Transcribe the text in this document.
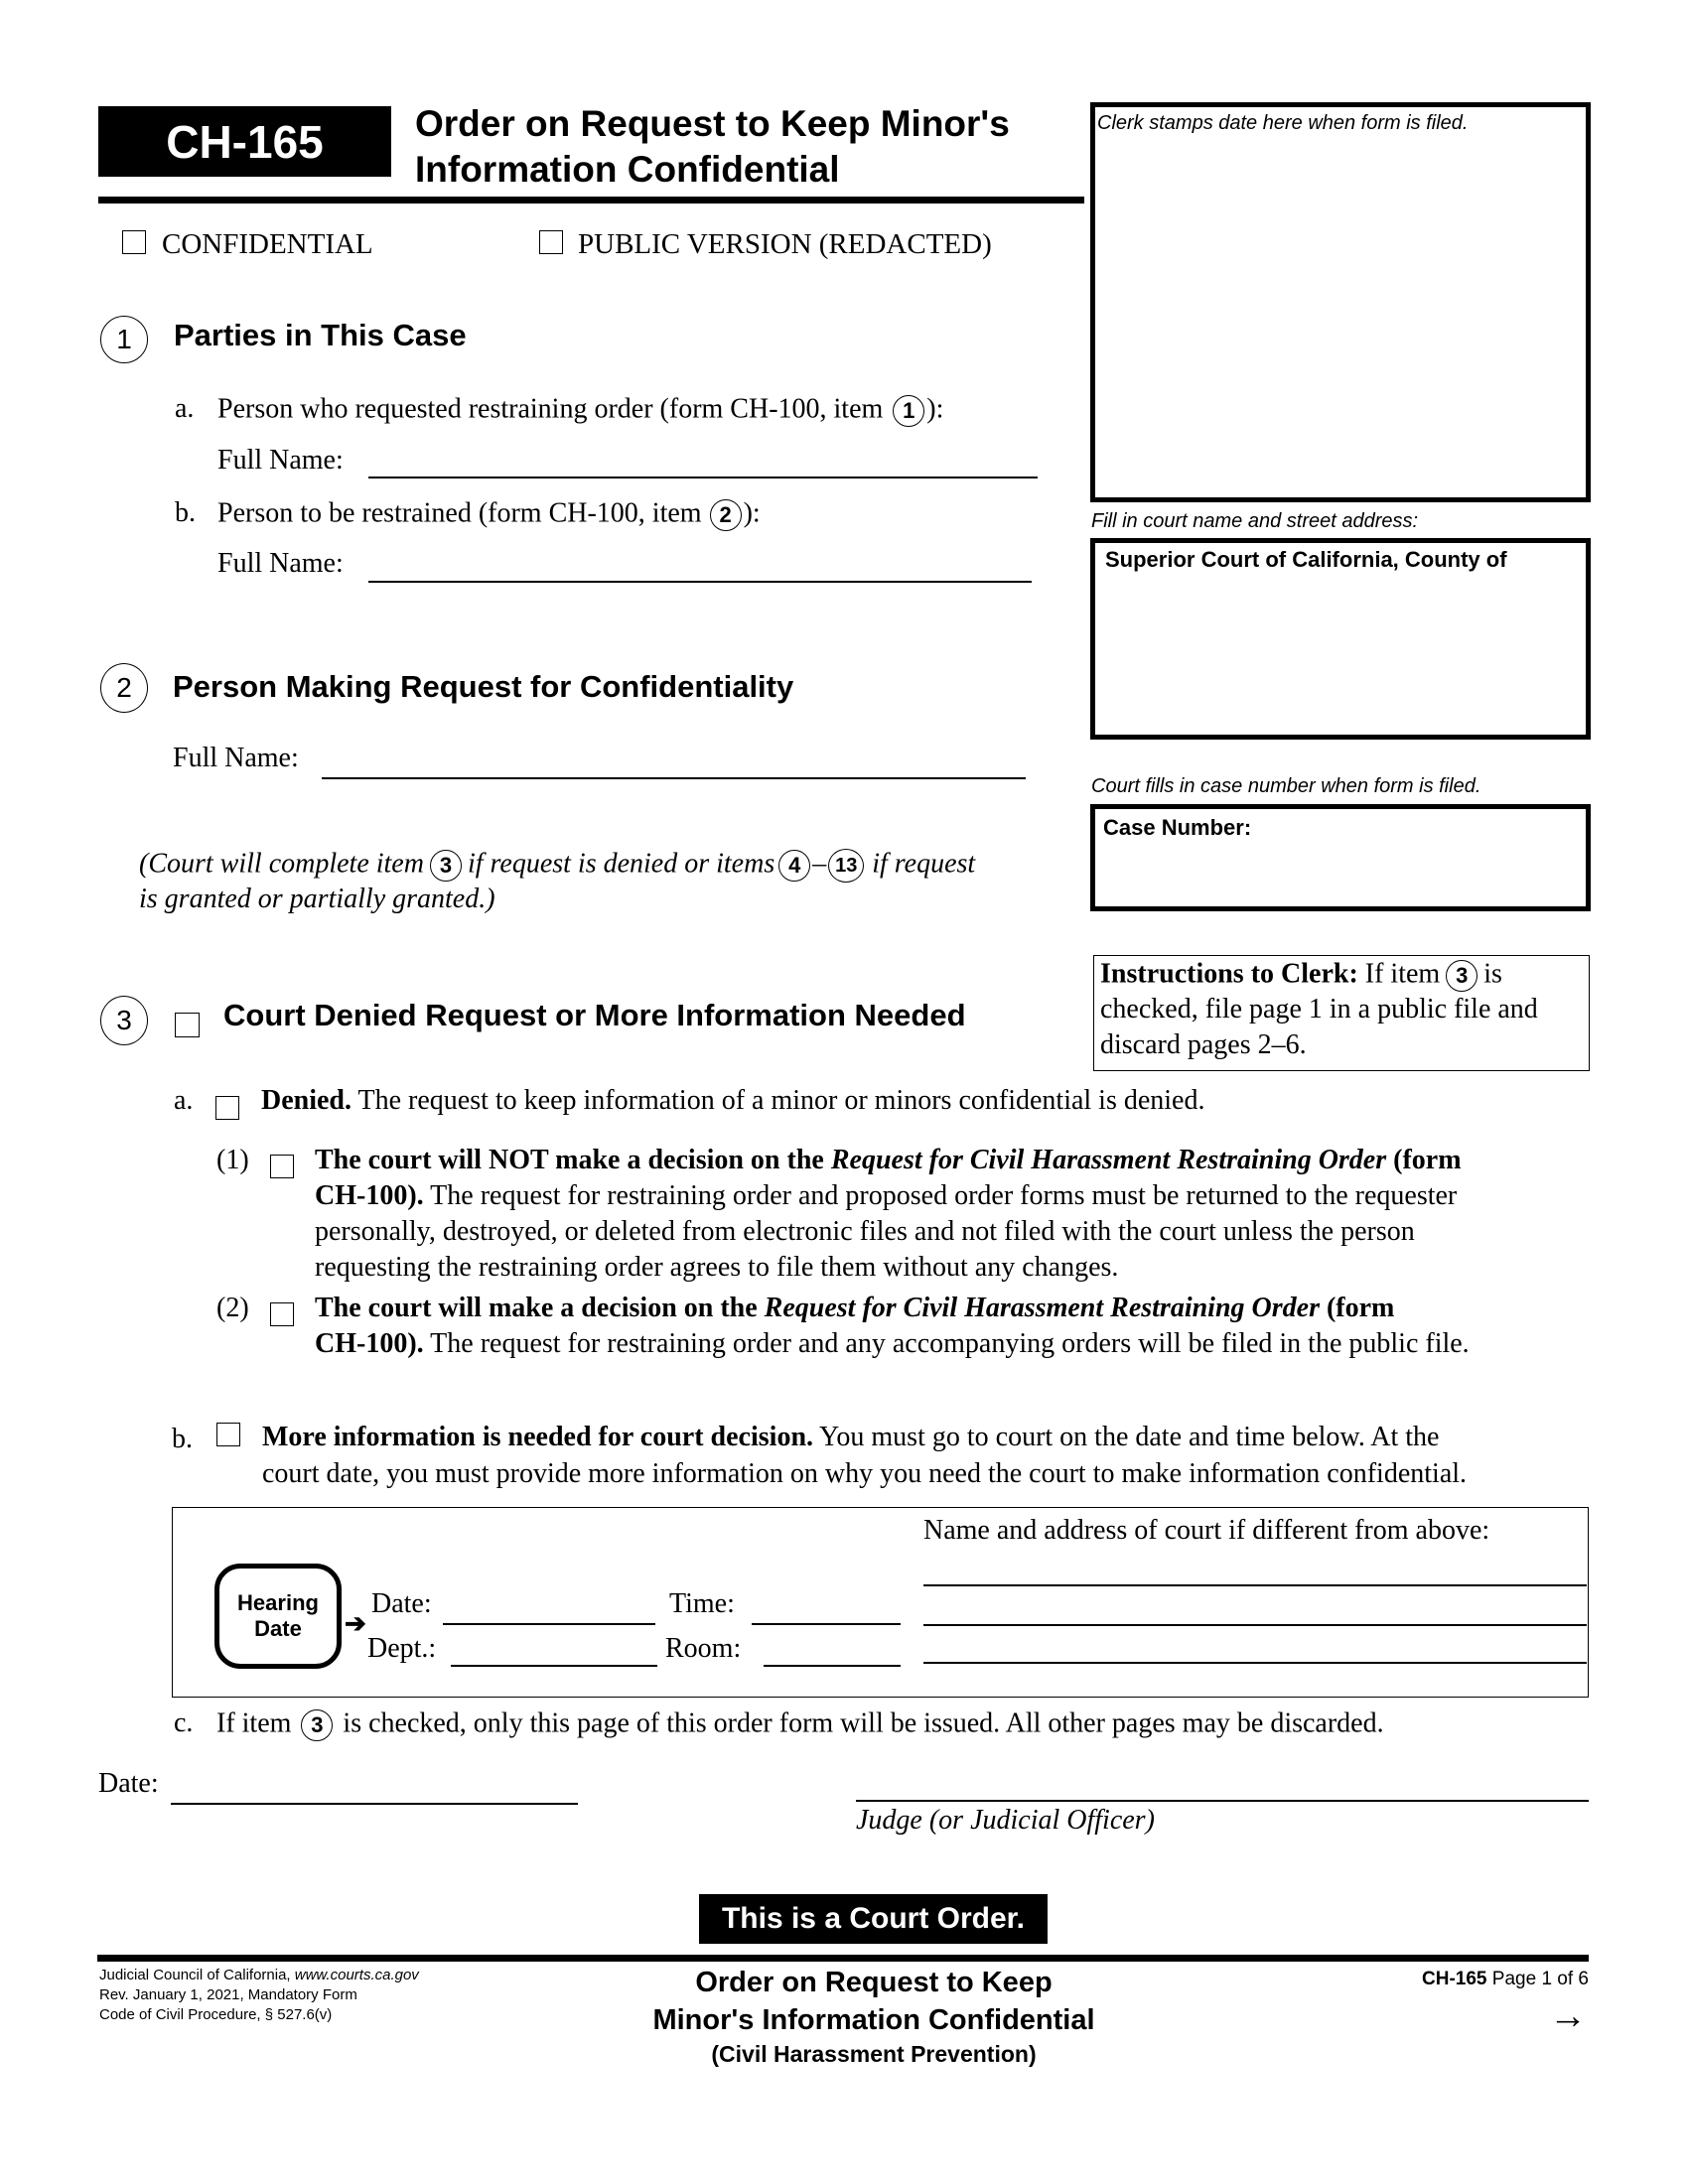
CH-165 Order on Request to Keep Minor's
Information Confidential
CONFIDENTIAL	PUBLIC VERSION (REDACTED)
Clerk stamps date here when form is filed.
Fill in court name and street address:
Superior Court of California, County of
Court fills in case number when form is filed.
Case Number:
Instructions to Clerk: If item 3 is
checked, file page 1 in a public file and
discard pages 2–6.
1	Parties in This Case
a. Person who requested restraining order (form CH-100, item 1 ):
Full Name:
b. Person to be restrained (form CH-100, item 2 ):
Full Name:
2	Person Making Request for Confidentiality
Full Name:
(Court will complete item 3 if request is denied or items 4 – 13 if request
is granted or partially granted.)
3	Court Denied Request or More Information Needed
a. Denied. The request to keep information of a minor or minors confidential is denied.
(1) The court will NOT make a decision on the Request for Civil Harassment Restraining Order (form
CH-100). The request for restraining order and proposed order forms must be returned to the requester
personally, destroyed, or deleted from electronic files and not filed with the court unless the person
requesting the restraining order agrees to file them without any changes.
(2) The court will make a decision on the Request for Civil Harassment Restraining Order (form
CH-100). The request for restraining order and any accompanying orders will be filed in the public file.
b.	More information is needed for court decision. You must go to court on the date and time below. At the
court date, you must provide more information on why you need the court to make information confidential.
Hearing
Date ➔
Date:	Time:
Dept.:	Room:
Name and address of court if different from above:
c. If item 3 is checked, only this page of this order form will be issued. All other pages may be discarded.
Date:
Judge (or Judicial Officer)
This is a Court Order.
Judicial Council of California, www.courts.ca.gov
Rev. January 1, 2021, Mandatory Form
Code of Civil Procedure, § 527.6(v)
Order on Request to Keep
Minor's Information Confidential
(Civil Harassment Prevention)
CH-165 Page 1 of 6
→
